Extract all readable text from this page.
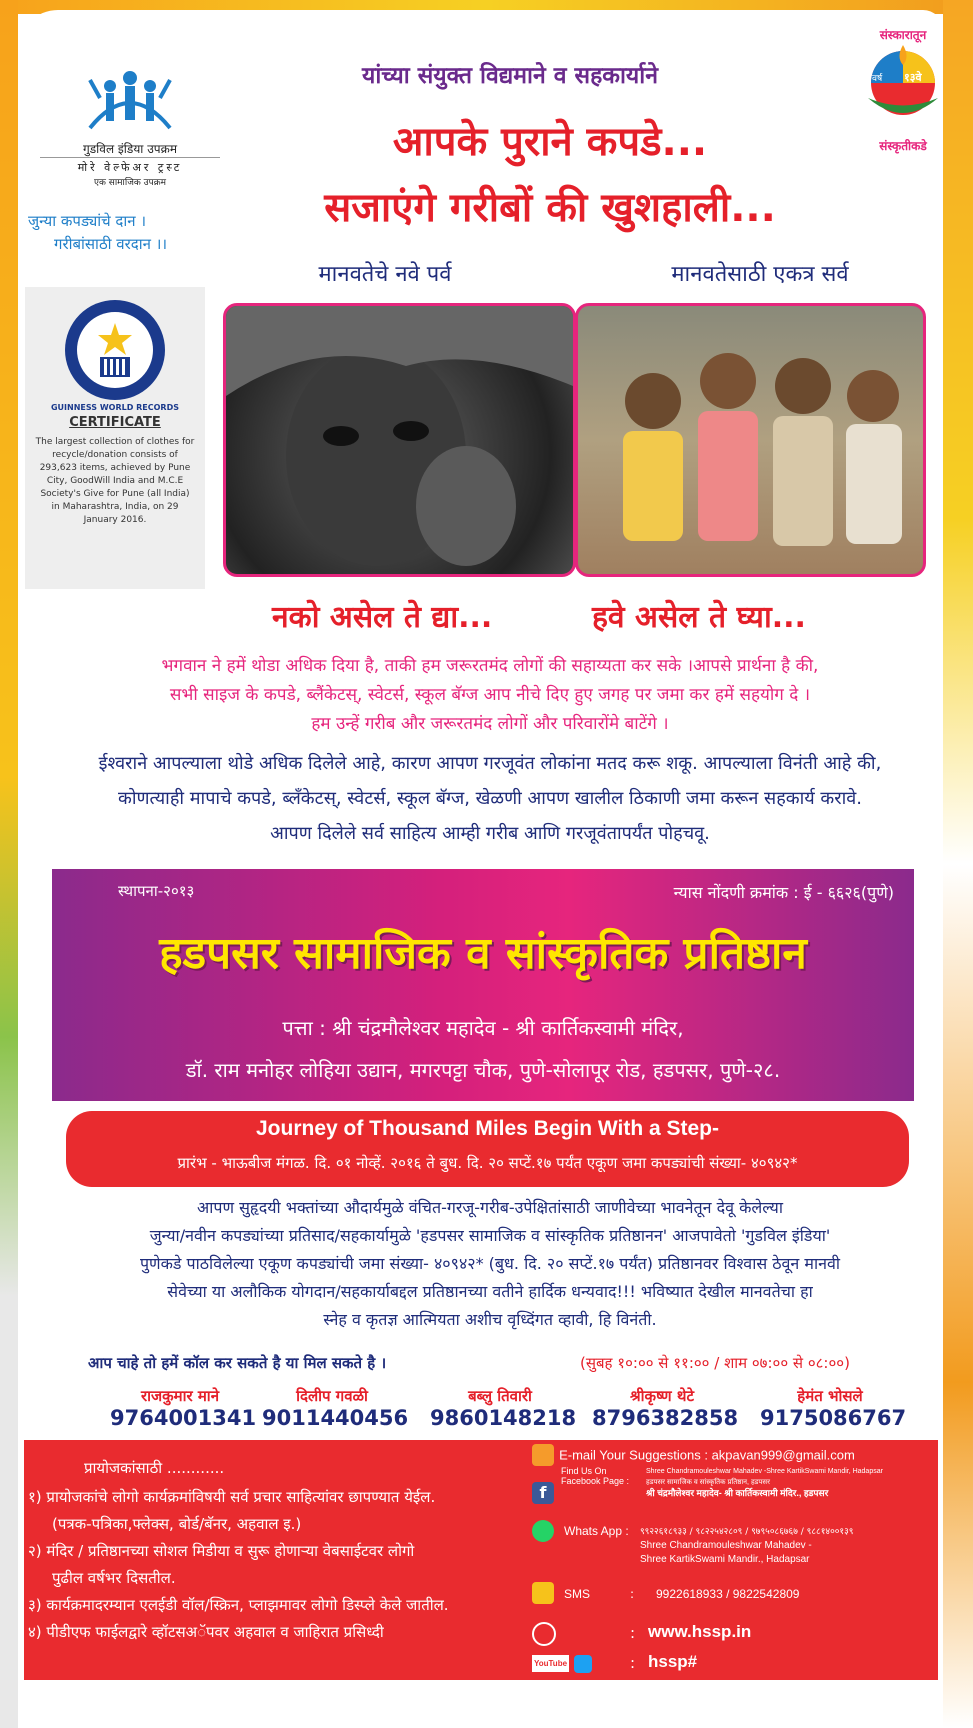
गुडविल इंडिया उपक्रम
मोरे वेल्फेअर ट्रस्ट
एक सामाजिक उपक्रम
जुन्या कपड्यांचे दान ।
गरीबांसाठी वरदान ।।
संस्कारातून
वर्ष १३वे
संस्कृतीकडे
यांच्या संयुक्त विद्यमाने व सहकार्याने
आपके पुराने कपडे...
सजाएंगे गरीबों की खुशहाली...
मानवतेचे नवे पर्व	मानवतेसाठी एकत्र सर्व
GUINNESS WORLD RECORDS
CERTIFICATE
The largest collection of clothes for recycle/donation consists of 293,623 items, achieved by Pune City, GoodWill India and M.C.E Society's Give for Pune (all India) in Maharashtra, India, on 29 January 2016.
नको असेल ते द्या...	हवे असेल ते घ्या...
भगवान ने हमें थोडा अधिक दिया है, ताकी हम जरूरतमंद लोगों की सहाय्यता कर सके ।आपसे प्रार्थना है की,
सभी साइज के कपडे, ब्लैंकेटस्, स्वेटर्स, स्कूल बॅग्ज आप नीचे दिए हुए जगह पर जमा कर हमें सहयोग दे ।
हम उन्हें गरीब और जरूरतमंद लोगों और परिवारोंमे बाटेंगे ।
ईश्वराने आपल्याला थोडे अधिक दिलेले आहे, कारण आपण गरजूवंत लोकांना मतद करू शकू. आपल्याला विनंती आहे की,
कोणत्याही मापाचे कपडे, ब्लँकेटस्, स्वेटर्स, स्कूल बॅग्ज, खेळणी आपण खालील ठिकाणी जमा करून सहकार्य करावे.
आपण दिलेले सर्व साहित्य आम्ही गरीब आणि गरजूवंतापर्यंत पोहचवू.
स्थापना-२०१३	न्यास नोंदणी क्रमांक : ई - ६६२६(पुणे)
हडपसर सामाजिक व सांस्कृतिक प्रतिष्ठान
पत्ता : श्री चंद्रमौलेश्वर महादेव - श्री कार्तिकस्वामी मंदिर,
डॉ. राम मनोहर लोहिया उद्यान, मगरपट्टा चौक, पुणे-सोलापूर रोड, हडपसर, पुणे-२८.
Journey of Thousand Miles Begin With a Step-
प्रारंभ - भाऊबीज मंगळ. दि. ०१ नोव्हें. २०१६ ते बुध. दि. २० सप्टें.१७ पर्यंत एकूण जमा कपड्यांची संख्या- ४०९४२*
आपण सुहृदयी भक्तांच्या औदार्यमुळे वंचित-गरजू-गरीब-उपेक्षितांसाठी जाणीवेच्या भावनेतून देवू केलेल्या
जुन्या/नवीन कपड्यांच्या प्रतिसाद/सहकार्यामुळे 'हडपसर सामाजिक व सांस्कृतिक प्रतिष्ठानन' आजपावेतो 'गुडविल इंडिया'
पुणेकडे पाठविलेल्या एकूण कपड्यांची जमा संख्या- ४०९४२* (बुध. दि. २० सप्टें.१७ पर्यंत) प्रतिष्ठानवर विश्वास ठेवून मानवी
सेवेच्या या अलौकिक योगदान/सहकार्याबद्दल प्रतिष्ठानच्या वतीने हार्दिक धन्यवाद!!! भविष्यात देखील मानवतेचा हा
स्नेह व कृतज्ञ आत्मियता अशीच वृध्दिंगत व्हावी, हि विनंती.
आप चाहे तो हमें कॉल कर सकते है या मिल सकते है ।	(सुबह १०:०० से ११:०० / शाम ०७:०० से ०८:००)
राजकुमार माने
9764001341
दिलीप गवळी
9011440456
बब्लु तिवारी
9860148218
श्रीकृष्ण थेटे
8796382858
हेमंत भोसले
9175086767
प्रायोजकांसाठी ............
१) प्रायोजकांचे लोगो कार्यक्रमांविषयी सर्व प्रचार साहित्यांवर छापण्यात येईल.
(पत्रक-पत्रिका,फ्लेक्स, बोर्ड/बॅनर, अहवाल इ.)
२) मंदिर / प्रतिष्ठानच्या सोशल मिडीया व सुरू होणाऱ्या वेबसाईटवर लोगो
पुढील वर्षभर दिसतील.
३) कार्यक्रमादरम्यान एलईडी वॉल/स्क्रिन, प्लाझमावर लोगो डिस्प्ले केले जातील.
४) पीडीएफ फाईलद्वारे व्हॉटसअॅपवर अहवाल व जाहिरात प्रसिध्दी
E-mail Your Suggestions : akpavan999@gmail.com
f
Find Us On Facebook Page :
Shree Chandramouleshwar Mahadev -Shree KartikSwami Mandir, Hadapsar
हडपसर सामाजिक व सांस्कृतिक प्रतिष्ठान, हडपसर
श्री चंद्रमौलेश्वर महादेव- श्री कार्तिकस्वामी मंदिर., हडपसर
Whats App : ९९२२६१८९३३ / ९८२२५४२८०९ / ९७९५०८६७६७ / ९८८१४००१३९
Shree Chandramouleshwar Mahadev -
Shree KartikSwami Mandir., Hadapsar
SMS	: 9922618933 / 9822542809
: www.hssp.in
YouTube	: hssp#
